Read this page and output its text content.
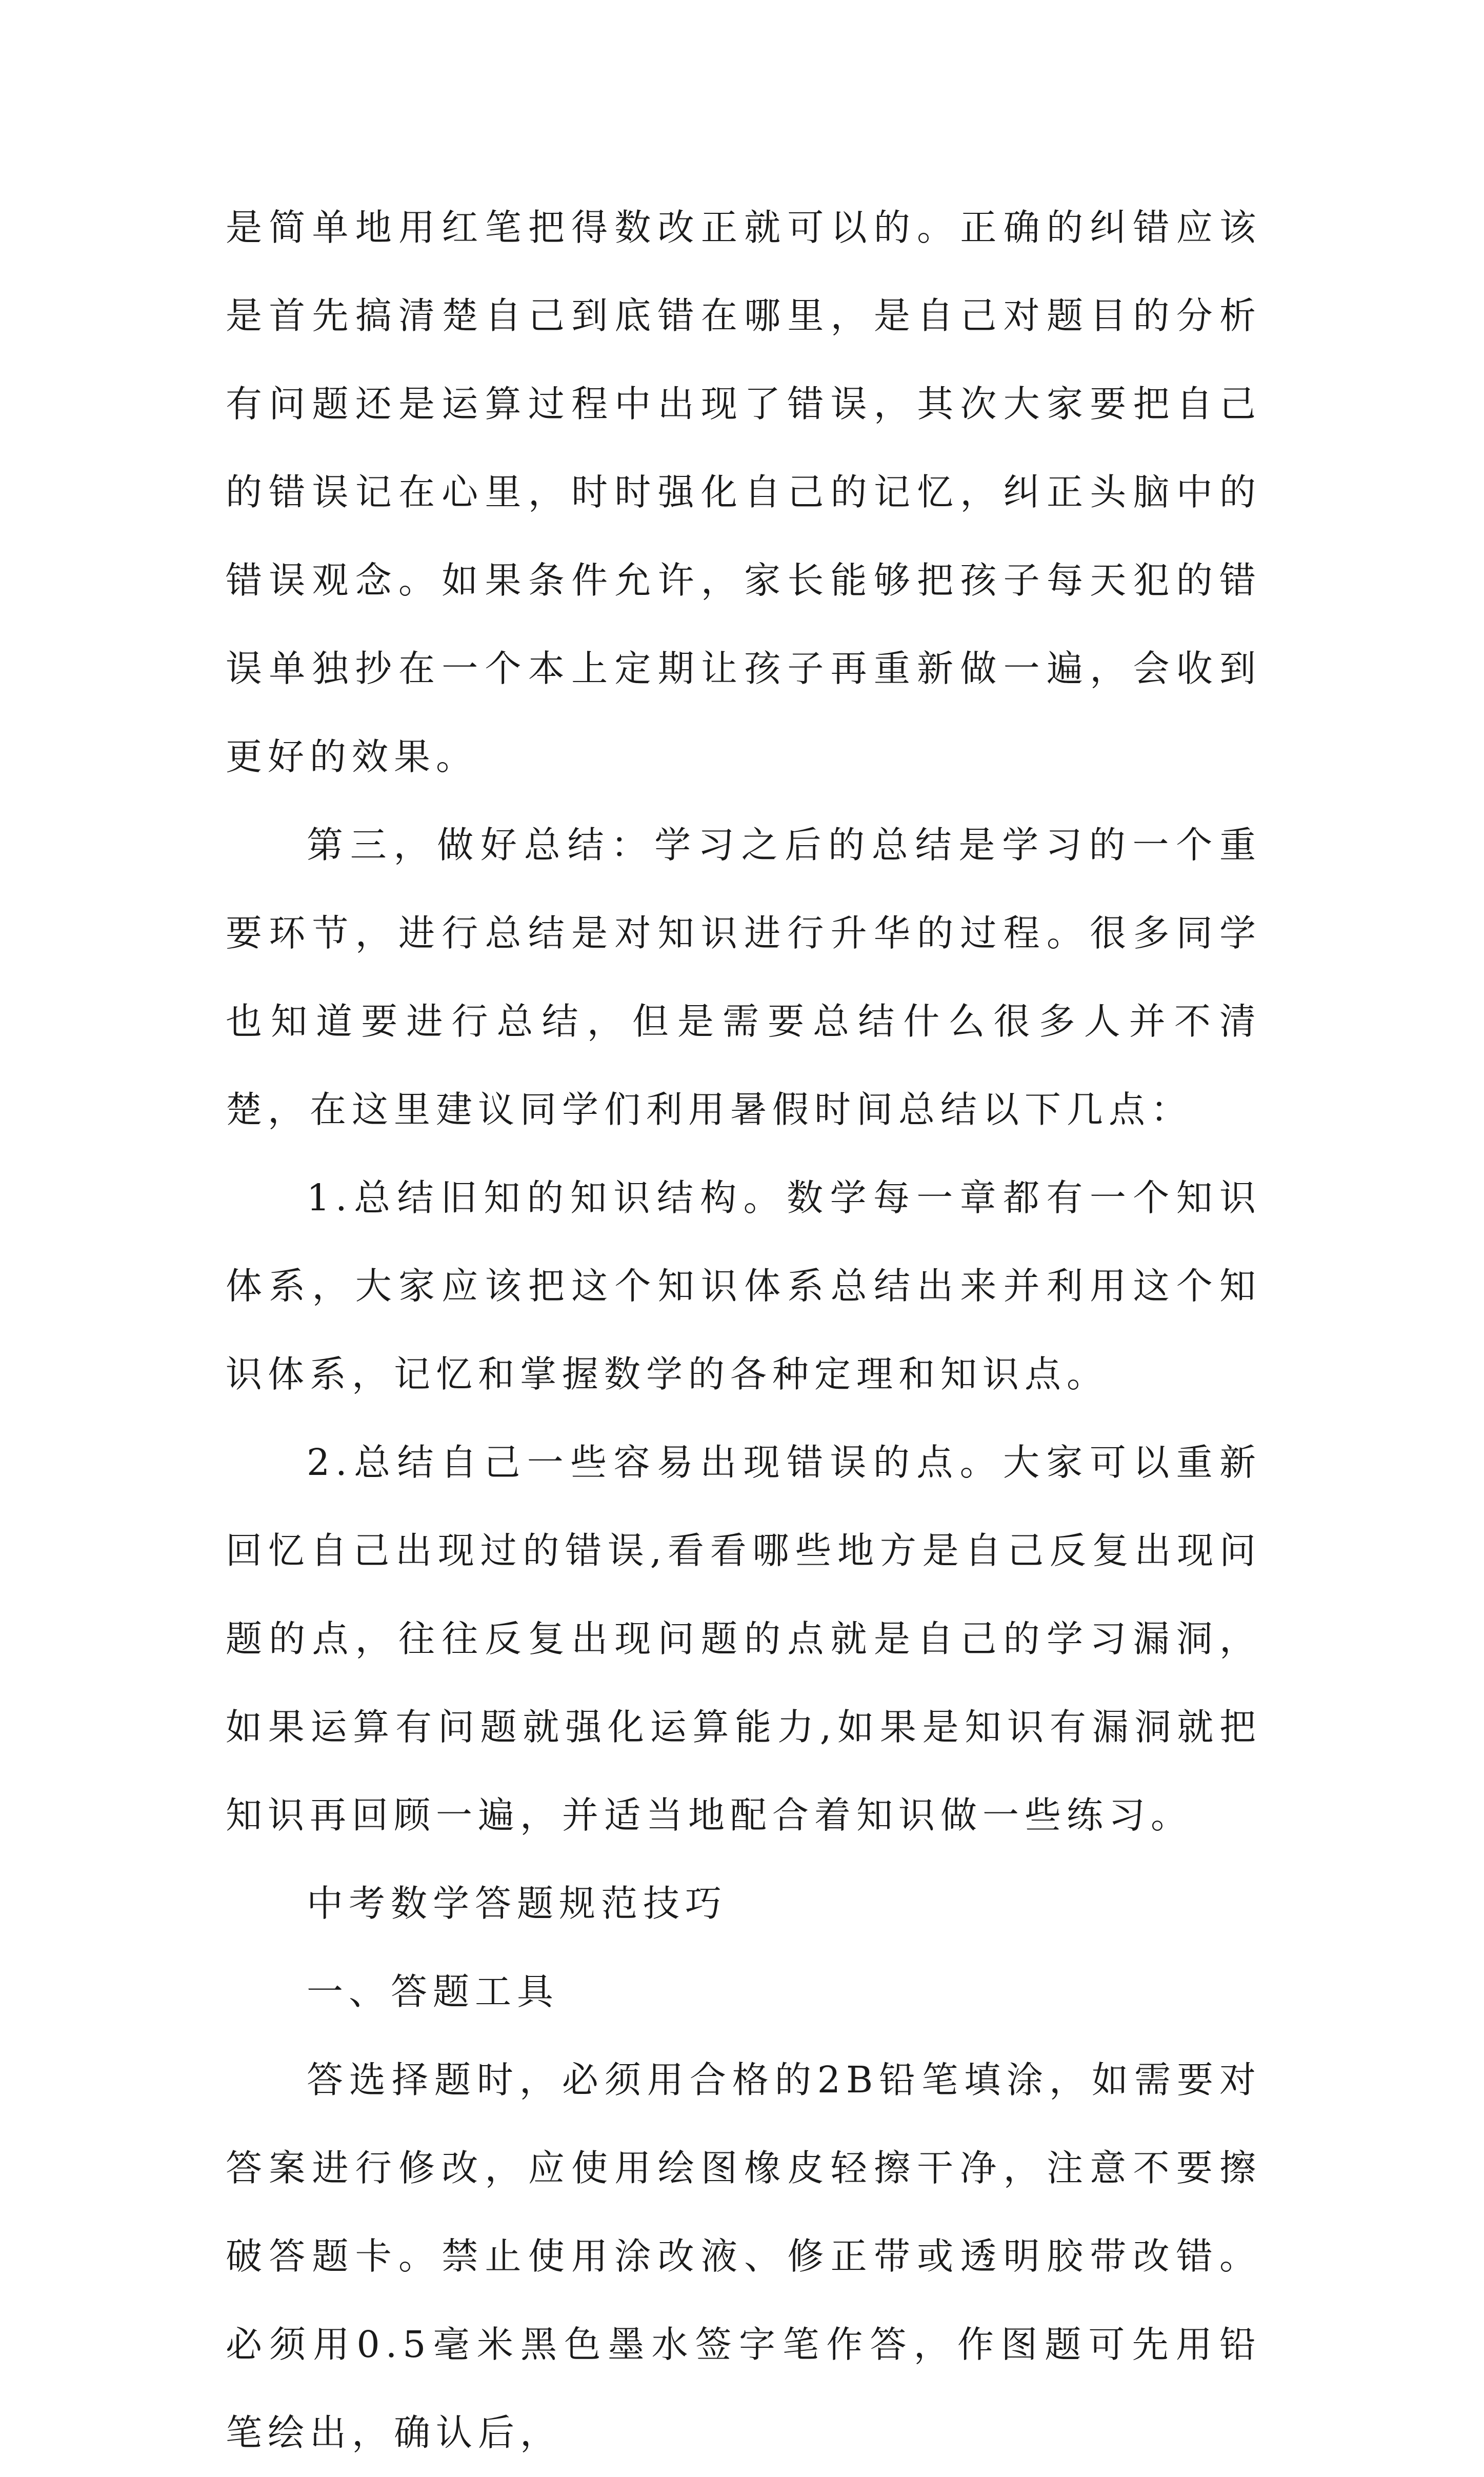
是简单地用红笔把得数改正就可以的。正确的纠错应该是首先搞清楚自己到底错在哪里，是自己对题目的分析有问题还是运算过程中出现了错误，其次大家要把自己的错误记在心里，时时强化自己的记忆，纠正头脑中的错误观念。如果条件允许，家长能够把孩子每天犯的错误单独抄在一个本上定期让孩子再重新做一遍，会收到更好的效果。

第三，做好总结：学习之后的总结是学习的一个重要环节，进行总结是对知识进行升华的过程。很多同学也知道要进行总结，但是需要总结什么很多人并不清楚，在这里建议同学们利用暑假时间总结以下几点：

1.总结旧知的知识结构。数学每一章都有一个知识体系，大家应该把这个知识体系总结出来并利用这个知识体系，记忆和掌握数学的各种定理和知识点。

2.总结自己一些容易出现错误的点。大家可以重新回忆自己出现过的错误,看看哪些地方是自己反复出现问题的点，往往反复出现问题的点就是自己的学习漏洞，如果运算有问题就强化运算能力,如果是知识有漏洞就把知识再回顾一遍，并适当地配合着知识做一些练习。

中考数学答题规范技巧

一、答题工具

答选择题时，必须用合格的2B铅笔填涂，如需要对答案进行修改，应使用绘图橡皮轻擦干净，注意不要擦破答题卡。禁止使用涂改液、修正带或透明胶带改错。必须用0.5毫米黑色墨水签字笔作答，作图题可先用铅笔绘出，确认后，
